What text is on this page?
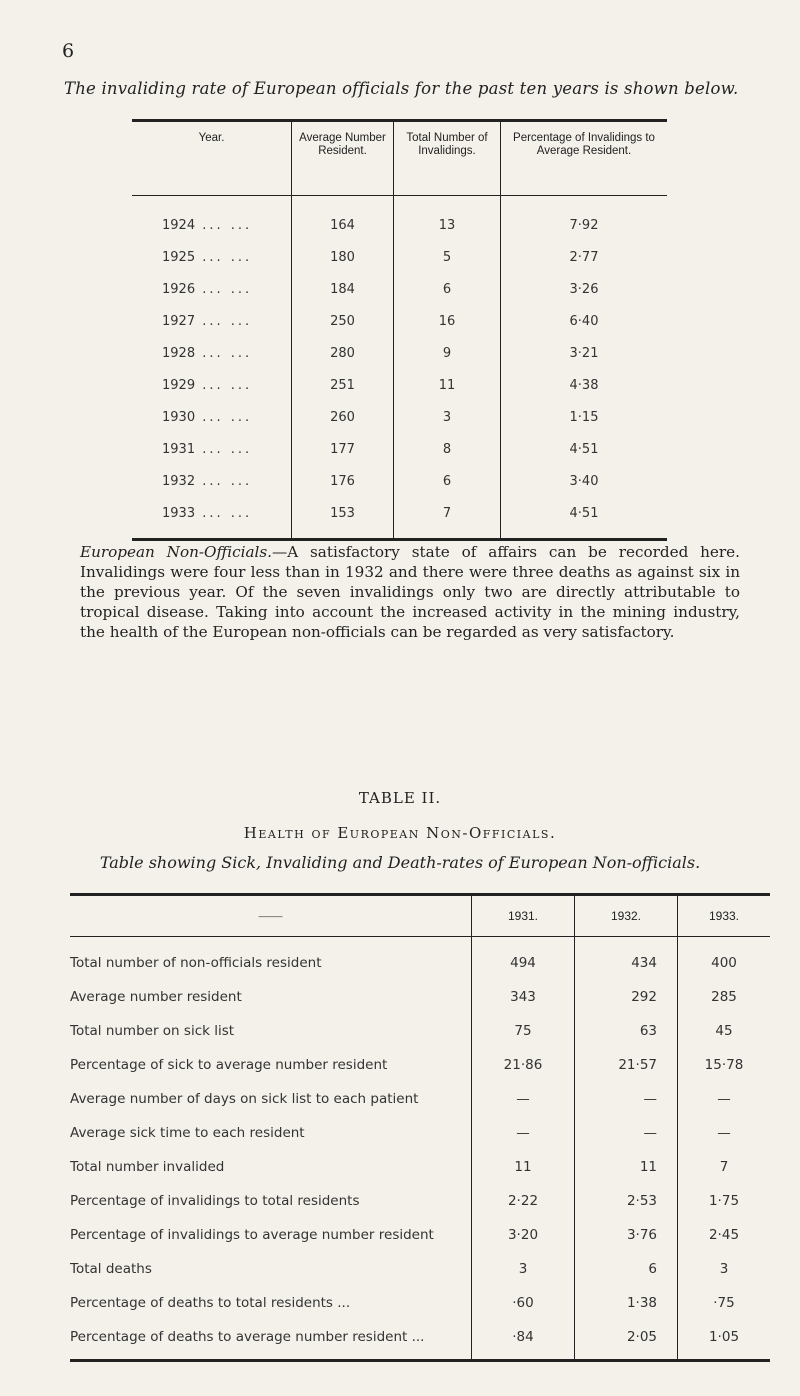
6
The invaliding rate of European officials for the past ten years is shown below.
Year.	Average Number Resident.	Total Number of Invalidings.	Percentage of Invalidings to Average Resident.
1924 ... ...	164	13	7·92
1925 ... ...	180	5	2·77
1926 ... ...	184	6	3·26
1927 ... ...	250	16	6·40
1928 ... ...	280	9	3·21
1929 ... ...	251	11	4·38
1930 ... ...	260	3	1·15
1931 ... ...	177	8	4·51
1932 ... ...	176	6	3·40
1933 ... ...	153	7	4·51
European Non-Officials.—A satisfactory state of affairs can be recorded here. Invalidings were four less than in 1932 and there were three deaths as against six in the previous year. Of the seven invalidings only two are directly attributable to tropical disease. Taking into account the increased activity in the mining industry, the health of the European non-officials can be regarded as very satisfactory.
TABLE II.
Health of European Non-Officials.
Table showing Sick, Invaliding and Death-rates of European Non-officials.
———	1931.	1932.	1933.
Total number of non-officials resident	494	434	400
Average number resident	343	292	285
Total number on sick list	75	63	45
Percentage of sick to average number resident	21·86	21·57	15·78
Average number of days on sick list to each patient	—	—	—
Average sick time to each resident	—	—	—
Total number invalided	11	11	7
Percentage of invalidings to total residents	2·22	2·53	1·75
Percentage of invalidings to average number resident	3·20	3·76	2·45
Total deaths	3	6	3
Percentage of deaths to total residents ...	·60	1·38	·75
Percentage of deaths to average number resident ...	·84	2·05	1·05
